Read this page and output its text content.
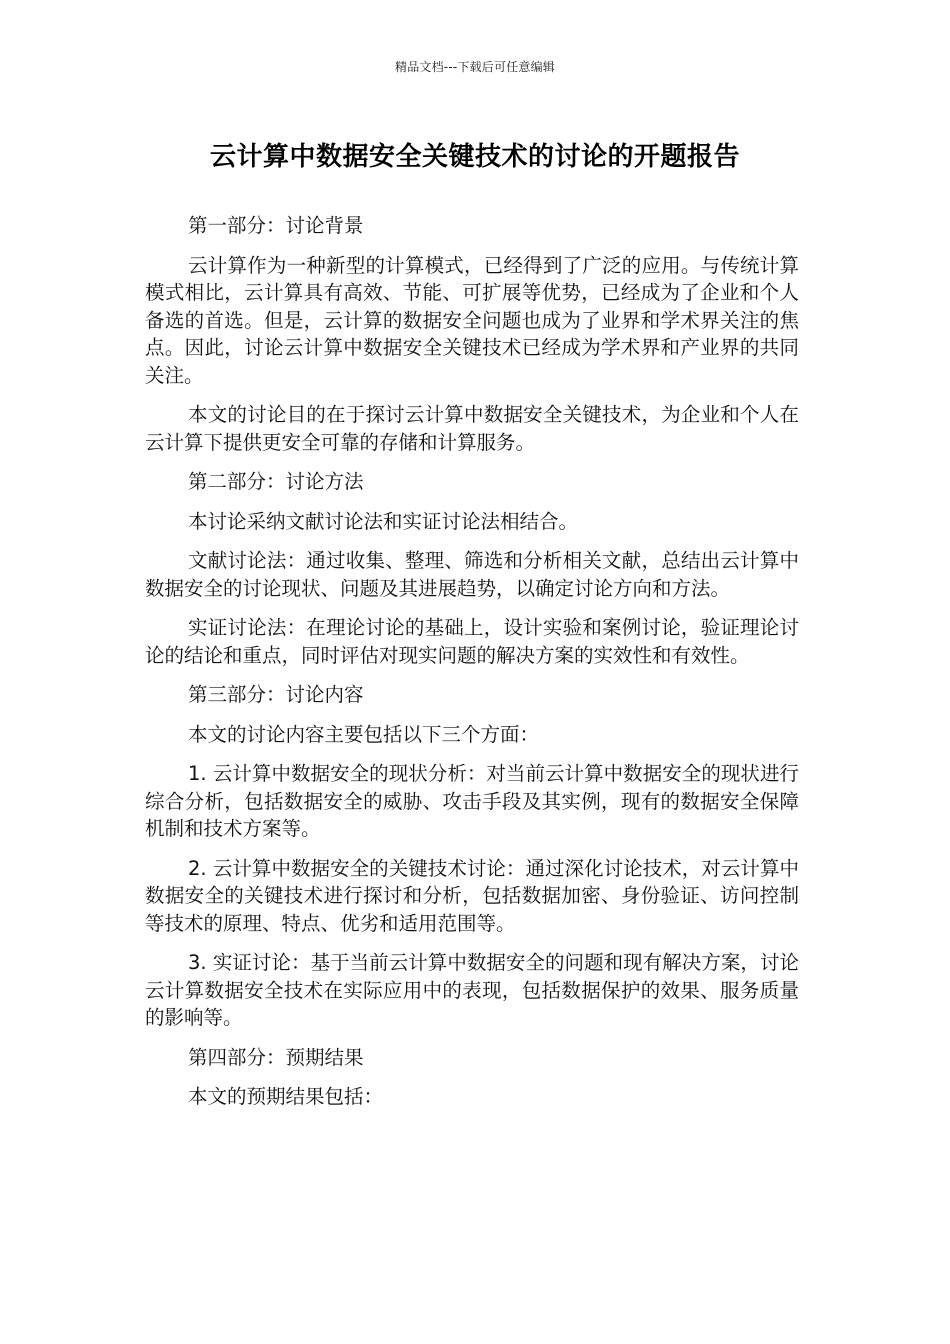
精品文档---下载后可任意编辑
云计算中数据安全关键技术的讨论的开题报告

第一部分：讨论背景

云计算作为一种新型的计算模式，已经得到了广泛的应用。与传统计算模式相比，云计算具有高效、节能、可扩展等优势，已经成为了企业和个人备选的首选。但是，云计算的数据安全问题也成为了业界和学术界关注的焦点。因此，讨论云计算中数据安全关键技术已经成为学术界和产业界的共同关注。

本文的讨论目的在于探讨云计算中数据安全关键技术，为企业和个人在云计算下提供更安全可靠的存储和计算服务。

第二部分：讨论方法

本讨论采纳文献讨论法和实证讨论法相结合。

文献讨论法：通过收集、整理、筛选和分析相关文献，总结出云计算中数据安全的讨论现状、问题及其进展趋势，以确定讨论方向和方法。

实证讨论法：在理论讨论的基础上，设计实验和案例讨论，验证理论讨论的结论和重点，同时评估对现实问题的解决方案的实效性和有效性。

第三部分：讨论内容

本文的讨论内容主要包括以下三个方面：

1. 云计算中数据安全的现状分析：对当前云计算中数据安全的现状进行综合分析，包括数据安全的威胁、攻击手段及其实例，现有的数据安全保障机制和技术方案等。

2. 云计算中数据安全的关键技术讨论：通过深化讨论技术，对云计算中数据安全的关键技术进行探讨和分析，包括数据加密、身份验证、访问控制等技术的原理、特点、优劣和适用范围等。

3. 实证讨论：基于当前云计算中数据安全的问题和现有解决方案，讨论云计算数据安全技术在实际应用中的表现，包括数据保护的效果、服务质量的影响等。

第四部分：预期结果

本文的预期结果包括：
